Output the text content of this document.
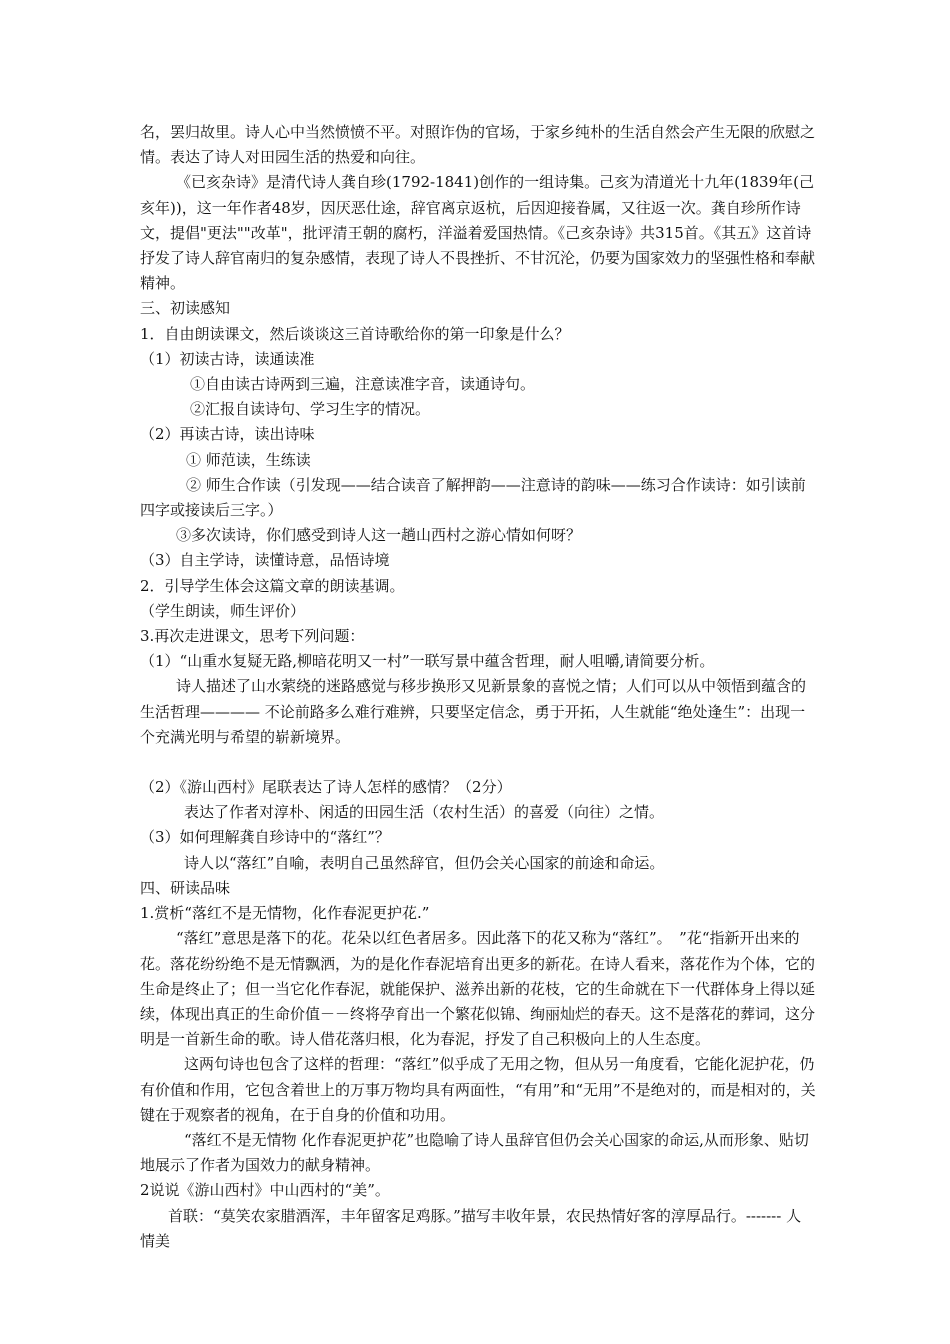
名，罢归故里。诗人心中当然愤愤不平。对照诈伪的官场，于家乡纯朴的生活自然会产生无限的欣慰之情。表达了诗人对田园生活的热爱和向往。

《已亥杂诗》是清代诗人龚自珍(1792-1841)创作的一组诗集。己亥为清道光十九年(1839年(己亥年))，这一年作者48岁，因厌恶仕途，辞官离京返杭，后因迎接眷属，又往返一次。龚自珍所作诗文，提倡"更法""改革"，批评清王朝的腐朽，洋溢着爱国热情。《己亥杂诗》共315首。《其五》这首诗抒发了诗人辞官南归的复杂感情，表现了诗人不畏挫折、不甘沉沦，仍要为国家效力的坚强性格和奉献精神。

三、初读感知

1．自由朗读课文，然后谈谈这三首诗歌给你的第一印象是什么？

（1）初读古诗，读通读准

①自由读古诗两到三遍，注意读准字音，读通诗句。

②汇报自读诗句、学习生字的情况。

（2）再读古诗，读出诗味

① 师范读，生练读

② 师生合作读（引发现——结合读音了解押韵——注意诗的韵味——练习合作读诗：如引读前四字或接读后三字。）

③多次读诗，你们感受到诗人这一趟山西村之游心情如何呀？

（3）自主学诗，读懂诗意，品悟诗境

2．引导学生体会这篇文章的朗读基调。

（学生朗读，师生评价）

3.再次走进课文，思考下列问题：

（1）“山重水复疑无路,柳暗花明又一村”一联写景中蕴含哲理，耐人咀嚼,请简要分析。

诗人描述了山水萦绕的迷路感觉与移步换形又见新景象的喜悦之情；人们可以从中领悟到蕴含的生活哲理———— 不论前路多么难行难辨，只要坚定信念，勇于开拓，人生就能“绝处逢生”：出现一个充满光明与希望的崭新境界。

（2）《游山西村》尾联表达了诗人怎样的感情？（2分）

表达了作者对淳朴、闲适的田园生活（农村生活）的喜爱（向往）之情。

（3）如何理解龚自珍诗中的“落红”？

诗人以“落红”自喻，表明自己虽然辞官，但仍会关心国家的前途和命运。

四、研读品味

1.赏析“落红不是无情物，化作春泥更护花.”

“落红”意思是落下的花。花朵以红色者居多。因此落下的花又称为“落红”。　”花“指新开出来的花。落花纷纷绝不是无情飘洒，为的是化作春泥培育出更多的新花。在诗人看来，落花作为个体，它的生命是终止了；但一当它化作春泥，就能保护、滋养出新的花枝，它的生命就在下一代群体身上得以延续，体现出真正的生命价值－－终将孕育出一个繁花似锦、绚丽灿烂的春天。这不是落花的葬词，这分明是一首新生命的歌。诗人借花落归根，化为春泥，抒发了自己积极向上的人生态度。

这两句诗也包含了这样的哲理：“落红”似乎成了无用之物，但从另一角度看，它能化泥护花，仍有价值和作用，它包含着世上的万事万物均具有两面性，“有用”和“无用”不是绝对的，而是相对的，关键在于观察者的视角，在于自身的价值和功用。

“落红不是无情物 化作春泥更护花”也隐喻了诗人虽辞官但仍会关心国家的命运,从而形象、贴切地展示了作者为国效力的献身精神。

2说说《游山西村》中山西村的“美”。

首联：“莫笑农家腊酒浑，丰年留客足鸡豚。”描写丰收年景，农民热情好客的淳厚品行。------- 人情美
